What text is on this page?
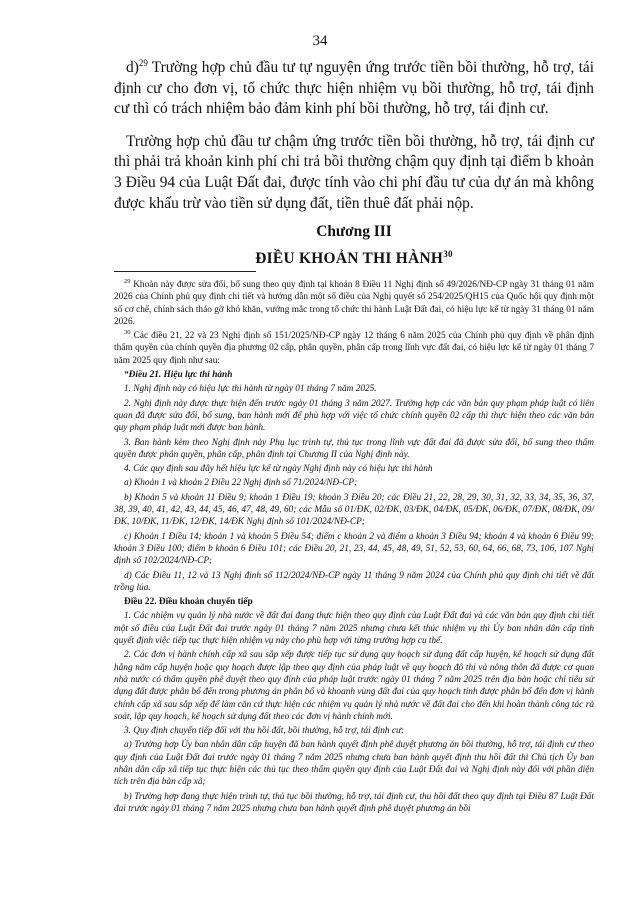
34

d)$^{29}$ Trường hợp chủ đầu tư tự nguyện ứng trước tiền bồi thường, hỗ trợ, tái định cư cho đơn vị, tổ chức thực hiện nhiệm vụ bồi thường, hỗ trợ, tái định cư thì có trách nhiệm bảo đảm kinh phí bồi thường, hỗ trợ, tái định cư.

Trường hợp chủ đầu tư chậm ứng trước tiền bồi thường, hỗ trợ, tái định cư thì phải trả khoản kinh phí chi trả bồi thường chậm quy định tại điểm b khoản 3 Điều 94 của Luật Đất đai, được tính vào chi phí đầu tư của dự án mà không được khấu trừ vào tiền sử dụng đất, tiền thuê đất phải nộp.

Chương III

ĐIỀU KHOẢN THI HÀNH$^{30}$

$^{29}$ Khoản này được sửa đổi, bổ sung theo quy định tại khoản 8 Điều 11 Nghị định số 49/2026/NĐ-CP ngày 31 tháng 01 năm 2026 của Chính phủ quy định chi tiết và hướng dẫn một số điều của Nghị quyết số 254/2025/QH15 của Quốc hội quy định một số cơ chế, chính sách tháo gỡ khó khăn, vướng mắc trong tổ chức thi hành Luật Đất đai, có hiệu lực kể từ ngày 31 tháng 01 năm 2026.

$^{30}$ Các điều 21, 22 và 23 Nghị định số 151/2025/NĐ-CP ngày 12 tháng 6 năm 2025 của Chính phủ quy định về phân định thẩm quyền của chính quyền địa phương 02 cấp, phân quyền, phân cấp trong lĩnh vực đất đai, có hiệu lực kể từ ngày 01 tháng 7 năm 2025 quy định như sau:

“Điều 21. Hiệu lực thi hành

1. Nghị định này có hiệu lực thi hành từ ngày 01 tháng 7 năm 2025.

2. Nghị định này được thực hiện đến trước ngày 01 tháng 3 năm 2027. Trường hợp các văn bản quy phạm pháp luật có liên quan đã được sửa đổi, bổ sung, ban hành mới để phù hợp với việc tổ chức chính quyền 02 cấp thì thực hiện theo các văn bản quy phạm pháp luật mới được ban hành.

3. Ban hành kèm theo Nghị định này Phụ lục trình tự, thủ tục trong lĩnh vực đất đai đã được sửa đổi, bổ sung theo thẩm quyền được phân quyền, phân cấp, phân định tại Chương II của Nghị định này.

4. Các quy định sau đây hết hiệu lực kể từ ngày Nghị định này có hiệu lực thi hành

a) Khoản 1 và khoản 2 Điều 22 Nghị định số 71/2024/NĐ-CP;

b) Khoản 5 và khoản 11 Điều 9; khoản 1 Điều 19; khoản 3 Điều 20; các Điều 21, 22, 28, 29, 30, 31, 32, 33, 34, 35, 36, 37, 38, 39, 40, 41, 42, 43, 44, 45, 46, 47, 48, 49, 60; các Mẫu số 01/ĐK, 02/ĐK, 03/ĐK, 04/ĐK, 05/ĐK, 06/ĐK, 07/ĐK, 08/ĐK, 09/ĐK, 10/ĐK, 11/ĐK, 12/ĐK, 14/ĐK Nghị định số 101/2024/NĐ-CP;

c) Khoản 1 Điều 14; khoản 1 và khoản 5 Điều 54; điểm c khoản 2 và điểm a khoản 3 Điều 94; khoản 4 và khoản 6 Điều 99; khoản 3 Điều 100; điểm b khoản 6 Điều 101; các Điều 20, 21, 23, 44, 45, 48, 49, 51, 52, 53, 60, 64, 66, 68, 73, 106, 107 Nghị định số 102/2024/NĐ-CP;

d) Các Điều 11, 12 và 13 Nghị định số 112/2024/NĐ-CP ngày 11 tháng 9 năm 2024 của Chính phủ quy định chi tiết về đất trồng lúa.

Điều 22. Điều khoản chuyển tiếp

1. Các nhiệm vụ quản lý nhà nước về đất đai đang thực hiện theo quy định của Luật Đất đai và các văn bản quy định chi tiết một số điều của Luật Đất đai trước ngày 01 tháng 7 năm 2025 nhưng chưa kết thúc nhiệm vụ thì Ủy ban nhân dân cấp tỉnh quyết định việc tiếp tục thực hiện nhiệm vụ này cho phù hợp với từng trường hợp cụ thể.

2. Các đơn vị hành chính cấp xã sau sắp xếp được tiếp tục sử dụng quy hoạch sử dụng đất cấp huyện, kế hoạch sử dụng đất hằng năm cấp huyện hoặc quy hoạch được lập theo quy định của pháp luật về quy hoạch đô thị và nông thôn đã được cơ quan nhà nước có thẩm quyền phê duyệt theo quy định của pháp luật trước ngày 01 tháng 7 năm 2025 trên địa bàn hoặc chỉ tiêu sử dụng đất được phân bổ đến trong phương án phân bổ và khoanh vùng đất đai của quy hoạch tỉnh được phân bổ đến đơn vị hành chính cấp xã sau sắp xếp để làm căn cứ thực hiện các nhiệm vụ quản lý nhà nước về đất đai cho đến khi hoàn thành công tác rà soát, lập quy hoạch, kế hoạch sử dụng đất theo các đơn vị hành chính mới.

3. Quy định chuyển tiếp đối với thu hồi đất, bồi thường, hỗ trợ, tái định cư:

a) Trường hợp Ủy ban nhân dân cấp huyện đã ban hành quyết định phê duyệt phương án bồi thường, hỗ trợ, tái định cư theo quy định của Luật Đất đai trước ngày 01 tháng 7 năm 2025 nhưng chưa ban hành quyết định thu hồi đất thì Chủ tịch Ủy ban nhân dân cấp xã tiếp tục thực hiện các thủ tục theo thẩm quyền quy định của Luật Đất đai và Nghị định này đối với phần diện tích trên địa bàn cấp xã;

b) Trường hợp đang thực hiện trình tự, thủ tục bồi thường, hỗ trợ, tái định cư, thu hồi đất theo quy định tại Điều 87 Luật Đất đai trước ngày 01 tháng 7 năm 2025 nhưng chưa ban hành quyết định phê duyệt phương án bồi
